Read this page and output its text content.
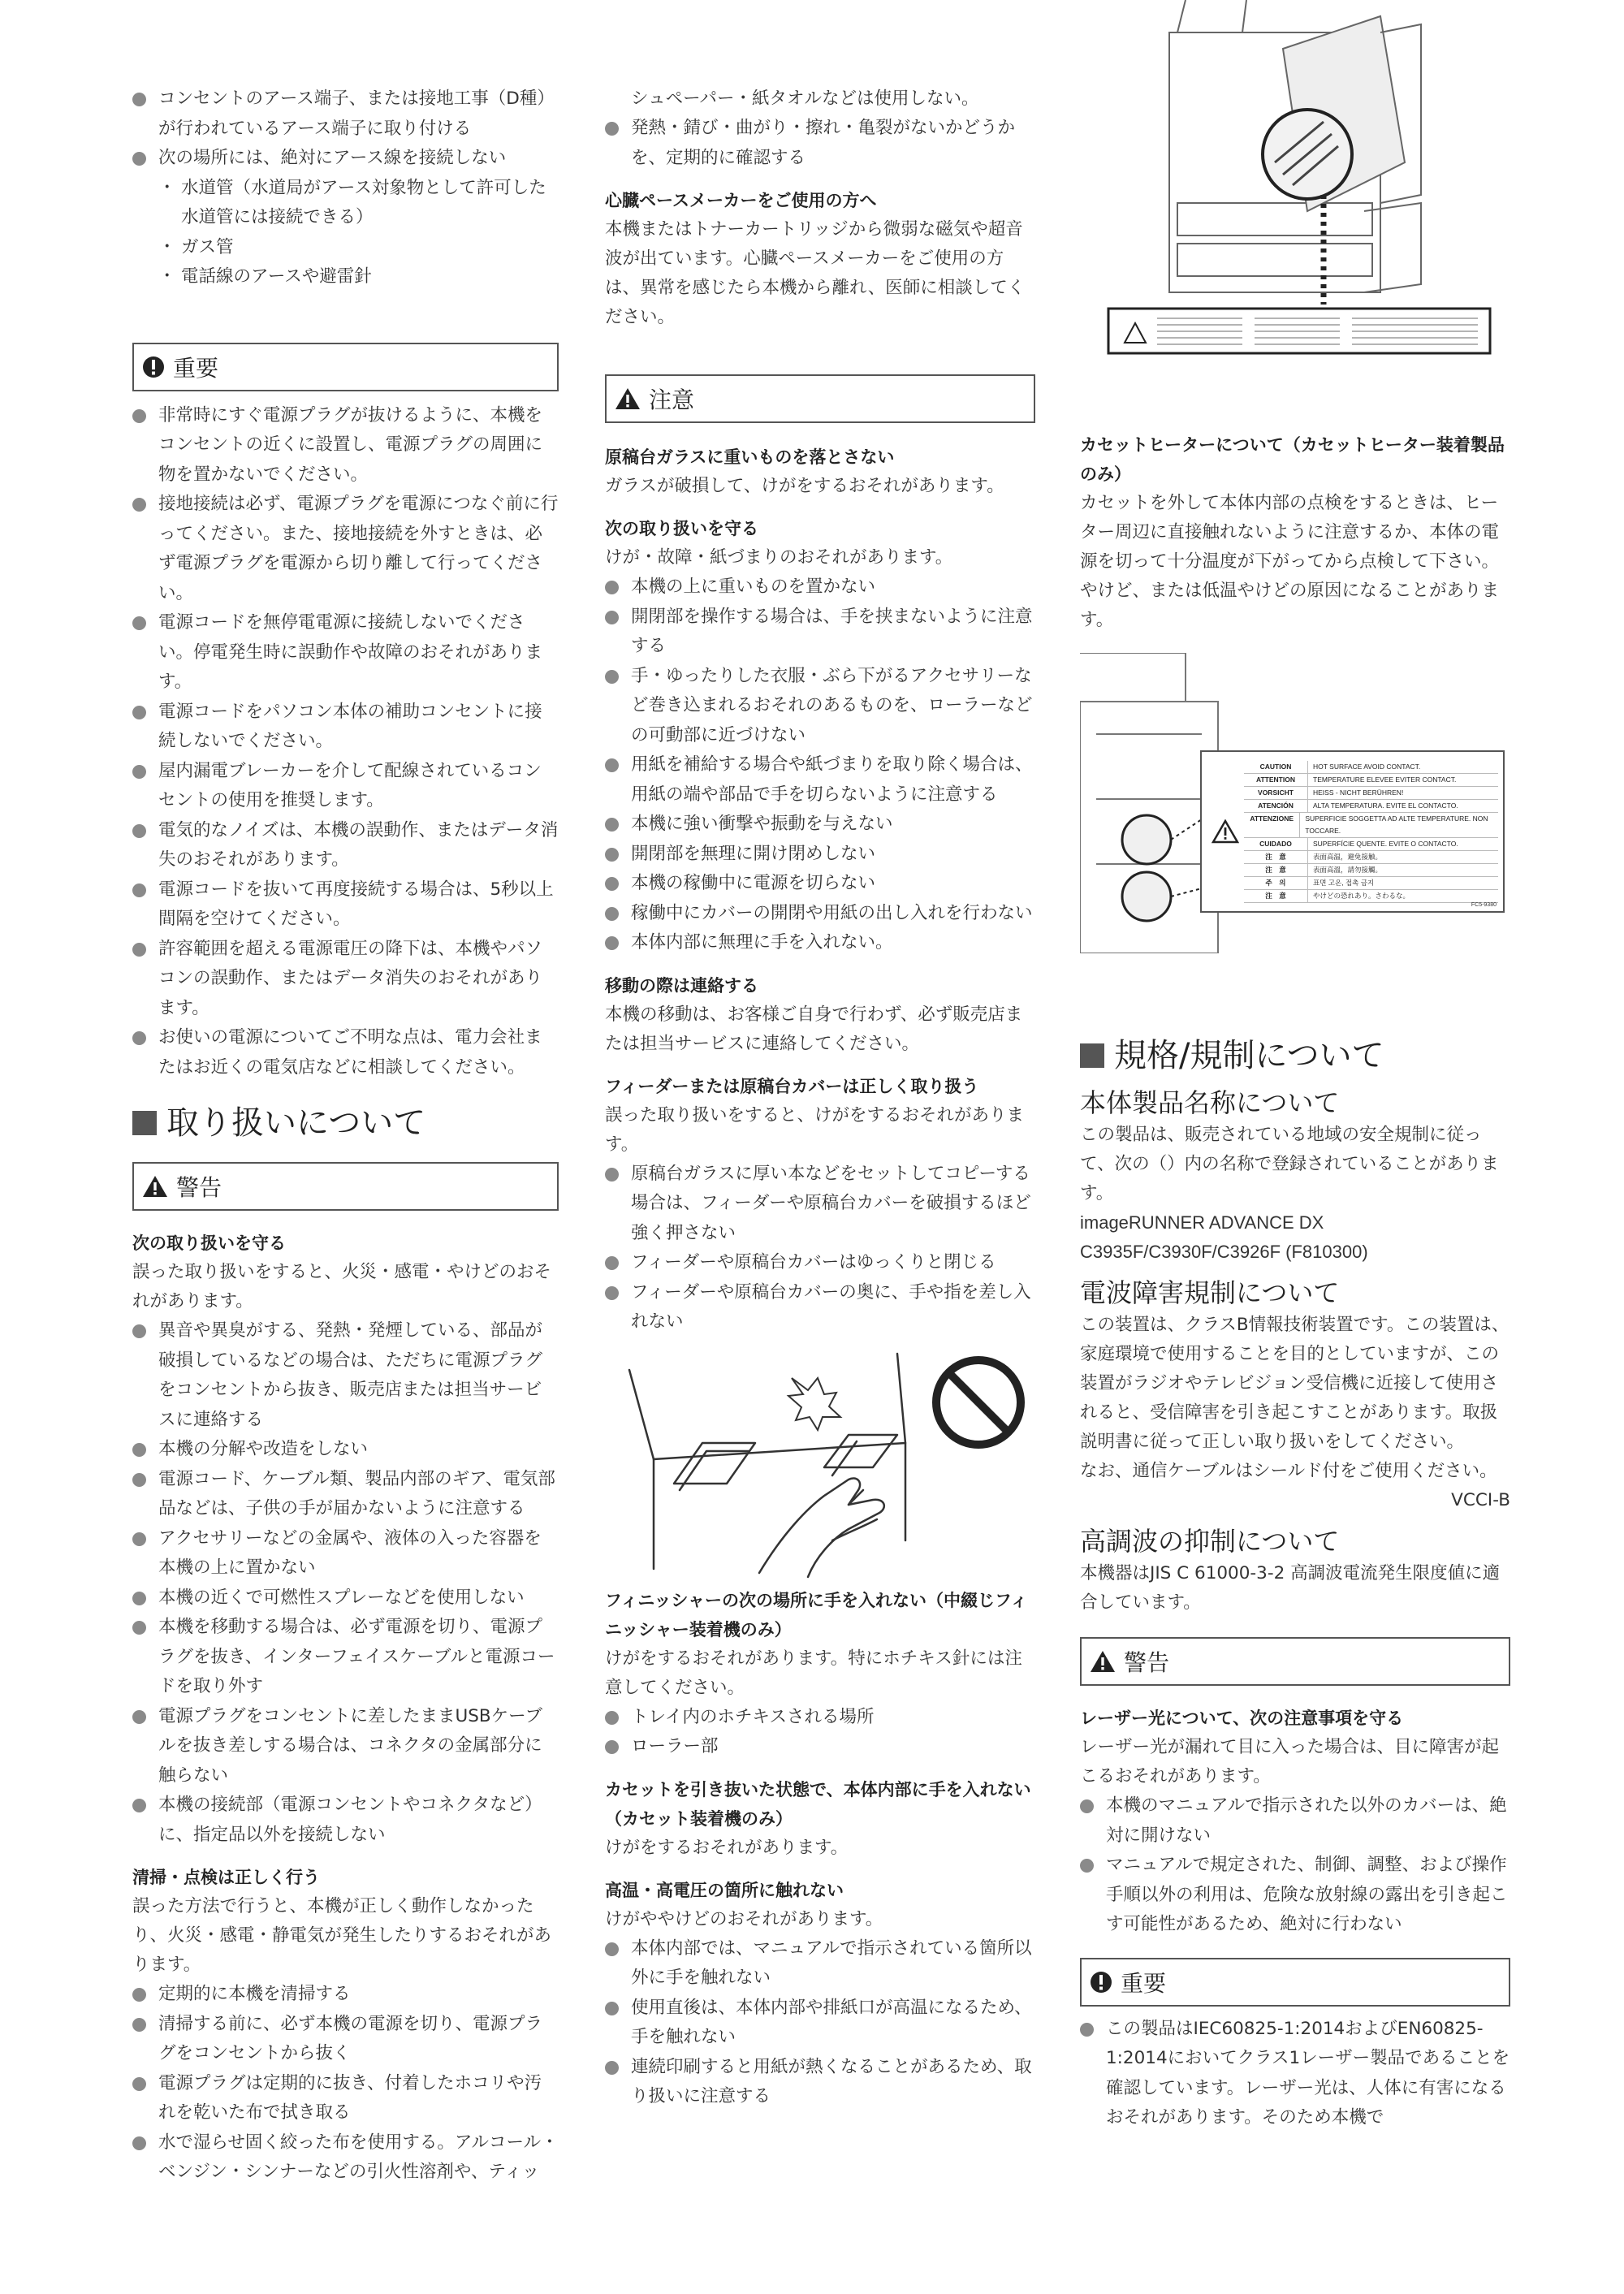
コンセントのアース端子、または接地工事（D種）が行われているアース端子に取り付ける
次の場所には、絶対にアース線を接続しない
・ 水道管（水道局がアース対象物として許可した水道管には接続できる）
・ ガス管
・ 電話線のアースや避雷針
重要
非常時にすぐ電源プラグが抜けるように、本機をコンセントの近くに設置し、電源プラグの周囲に物を置かないでください。
接地接続は必ず、電源プラグを電源につなぐ前に行ってください。また、接地接続を外すときは、必ず電源プラグを電源から切り離して行ってください。
電源コードを無停電電源に接続しないでください。停電発生時に誤動作や故障のおそれがあります。
電源コードをパソコン本体の補助コンセントに接続しないでください。
屋内漏電ブレーカーを介して配線されているコンセントの使用を推奨します。
電気的なノイズは、本機の誤動作、またはデータ消失のおそれがあります。
電源コードを抜いて再度接続する場合は、5秒以上間隔を空けてください。
許容範囲を超える電源電圧の降下は、本機やパソコンの誤動作、またはデータ消失のおそれがあります。
お使いの電源についてご不明な点は、電力会社またはお近くの電気店などに相談してください。
取り扱いについて
警告
次の取り扱いを守る

誤った取り扱いをすると、火災・感電・やけどのおそれがあります。

異音や異臭がする、発熱・発煙している、部品が破損しているなどの場合は、ただちに電源プラグをコンセントから抜き、販売店または担当サービスに連絡する
本機の分解や改造をしない
電源コード、ケーブル類、製品内部のギア、電気部品などは、子供の手が届かないように注意する
アクセサリーなどの金属や、液体の入った容器を本機の上に置かない
本機の近くで可燃性スプレーなどを使用しない
本機を移動する場合は、必ず電源を切り、電源プラグを抜き、インターフェイスケーブルと電源コードを取り外す
電源プラグをコンセントに差したままUSBケーブルを抜き差しする場合は、コネクタの金属部分に触らない
本機の接続部（電源コンセントやコネクタなど）に、指定品以外を接続しない
清掃・点検は正しく行う

誤った方法で行うと、本機が正しく動作しなかったり、火災・感電・静電気が発生したりするおそれがあります。

定期的に本機を清掃する
清掃する前に、必ず本機の電源を切り、電源プラグをコンセントから抜く
電源プラグは定期的に抜き、付着したホコリや汚れを乾いた布で拭き取る
水で湿らせ固く絞った布を使用する。アルコール・ベンジン・シンナーなどの引火性溶剤や、ティッ

シュペーパー・紙タオルなどは使用しない。

発熱・錆び・曲がり・擦れ・亀裂がないかどうかを、定期的に確認する
心臓ペースメーカーをご使用の方へ

本機またはトナーカートリッジから微弱な磁気や超音波が出ています。心臓ペースメーカーをご使用の方は、異常を感じたら本機から離れ、医師に相談してください。

注意
原稿台ガラスに重いものを落とさない

ガラスが破損して、けがをするおそれがあります。

次の取り扱いを守る

けが・故障・紙づまりのおそれがあります。

本機の上に重いものを置かない
開閉部を操作する場合は、手を挟まないように注意する
手・ゆったりした衣服・ぶら下がるアクセサリーなど巻き込まれるおそれのあるものを、ローラーなどの可動部に近づけない
用紙を補給する場合や紙づまりを取り除く場合は、用紙の端や部品で手を切らないように注意する
本機に強い衝撃や振動を与えない
開閉部を無理に開け閉めしない
本機の稼働中に電源を切らない
稼働中にカバーの開閉や用紙の出し入れを行わない
本体内部に無理に手を入れない。
移動の際は連絡する

本機の移動は、お客様ご自身で行わず、必ず販売店または担当サービスに連絡してください。

フィーダーまたは原稿台カバーは正しく取り扱う

誤った取り扱いをすると、けがをするおそれがあります。

原稿台ガラスに厚い本などをセットしてコピーする場合は、フィーダーや原稿台カバーを破損するほど強く押さない
フィーダーや原稿台カバーはゆっくりと閉じる
フィーダーや原稿台カバーの奥に、手や指を差し入れない
フィニッシャーの次の場所に手を入れない（中綴じフィニッシャー装着機のみ）

けがをするおそれがあります。特にホチキス針には注意してください。

トレイ内のホチキスされる場所
ローラー部
カセットを引き抜いた状態で、本体内部に手を入れない（カセット装着機のみ）

けがをするおそれがあります。

高温・高電圧の箇所に触れない

けがややけどのおそれがあります。

本体内部では、マニュアルで指示されている箇所以外に手を触れない
使用直後は、本体内部や排紙口が高温になるため、手を触れない
連続印刷すると用紙が熱くなることがあるため、取り扱いに注意する
カセットヒーターについて（カセットヒーター装着製品のみ）

カセットを外して本体内部の点検をするときは、ヒーター周辺に直接触れないように注意するか、本体の電源を切って十分温度が下がってから点検して下さい。やけど、または低温やけどの原因になることがあります。

CAUTION	HOT SURFACE AVOID CONTACT.
ATTENTION	TEMPERATURE ELEVEE EVITER CONTACT.
VORSICHT	HEISS - NICHT BERÜHREN!
ATENCIÓN	ALTA TEMPERATURA. EVITE EL CONTACTO.
ATTENZIONE	SUPERFICIE SOGGETTA AD ALTE TEMPERATURE. NON TOCCARE.
CUIDADO	SUPERFÍCIE QUENTE. EVITE O CONTACTO.
注　意	表面高温，避免接触。
注　意	表面高溫，請勿接觸。
주　의	표면 고온, 접촉 금지
注　意	やけどの恐れあり。さわるな。
FC5-9380
規格/規制について
本体製品名称について

この製品は、販売されている地域の安全規制に従って、次の（）内の名称で登録されていることがあります。

imageRUNNER ADVANCE DX C3935F/C3930F/C3926F (F810300)

電波障害規制について

この装置は、クラスB情報技術装置です。この装置は、家庭環境で使用することを目的としていますが、この装置がラジオやテレビジョン受信機に近接して使用されると、受信障害を引き起こすことがあります。取扱説明書に従って正しい取り扱いをしてください。

なお、通信ケーブルはシールド付をご使用ください。

VCCI-B
高調波の抑制について

本機器はJIS C 61000-3-2 高調波電流発生限度値に適合しています。

警告
レーザー光について、次の注意事項を守る

レーザー光が漏れて目に入った場合は、目に障害が起こるおそれがあります。

本機のマニュアルで指示された以外のカバーは、絶対に開けない
マニュアルで規定された、制御、調整、および操作手順以外の利用は、危険な放射線の露出を引き起こす可能性があるため、絶対に行わない
重要
この製品はIEC60825-1:2014およびEN60825-1:2014においてクラス1レーザー製品であることを確認しています。レーザー光は、人体に有害になるおそれがあります。そのため本機で
